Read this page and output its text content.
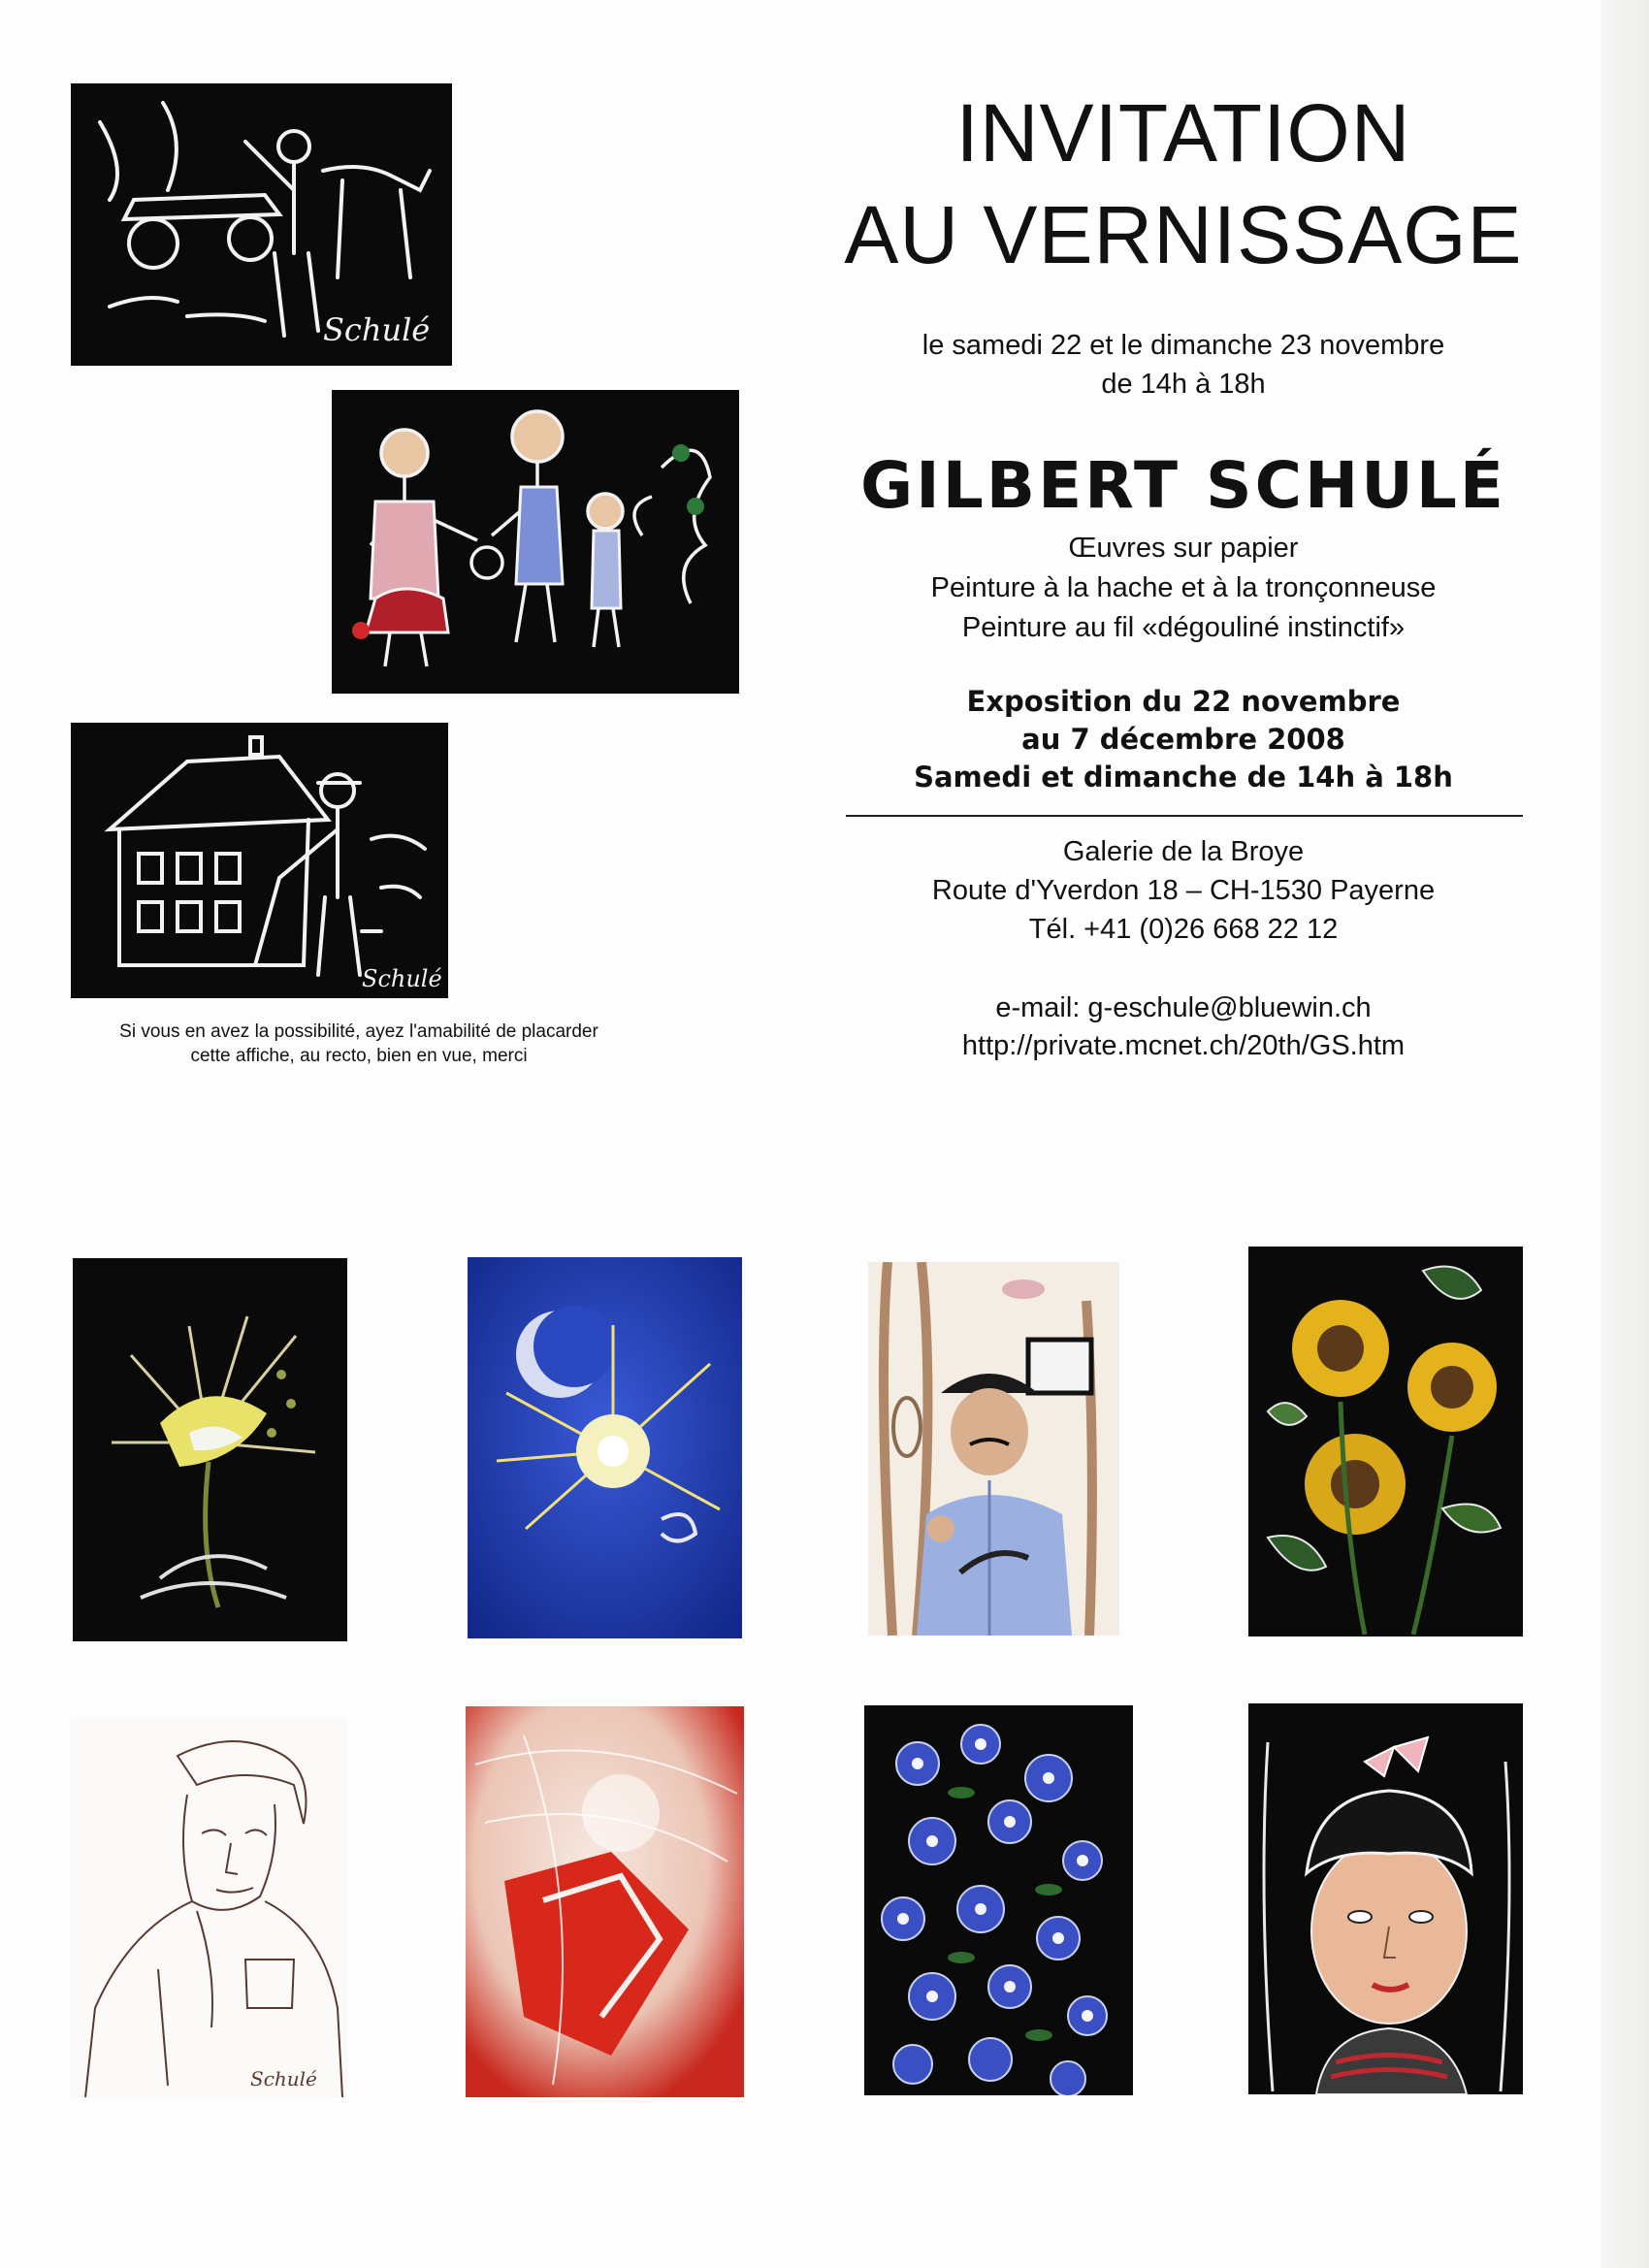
INVITATION
AU VERNISSAGE
le samedi 22 et le dimanche 23 novembre
de 14h à 18h
GILBERT SCHULÉ
Œuvres sur papier
Peinture à la hache et à la tronçonneuse
Peinture au fil «dégouliné instinctif»
Exposition du 22 novembre
au 7 décembre 2008
Samedi et dimanche de 14h à 18h
Galerie de la Broye
Route d'Yverdon 18 – CH-1530 Payerne
Tél. +41 (0)26 668 22 12
e-mail: g-eschule@bluewin.ch
http://private.mcnet.ch/20th/GS.htm
Si vous en avez la possibilité, ayez l'amabilité de placarder
cette affiche, au recto, bien en vue, merci
Schulé
Schulé
Schulé
